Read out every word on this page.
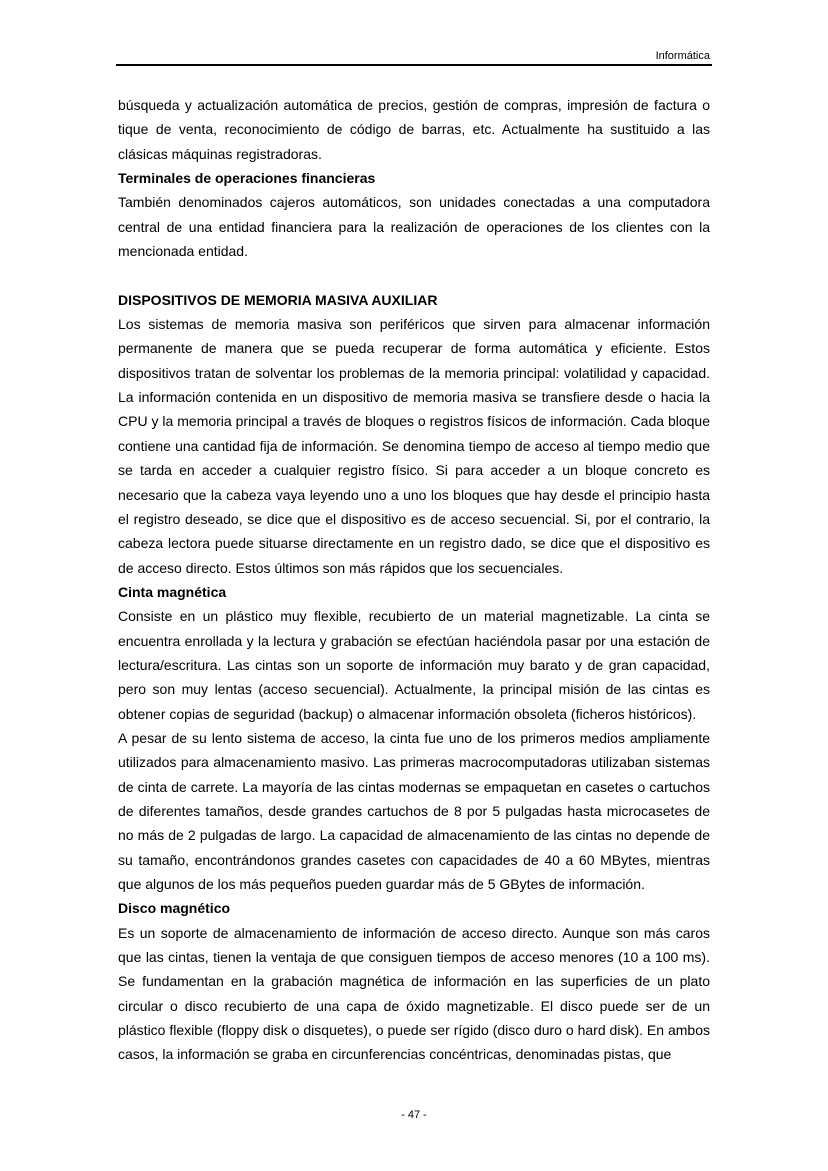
Informática

búsqueda y actualización automática de precios, gestión de compras, impresión de factura o tique de venta, reconocimiento de código de barras, etc. Actualmente ha sustituido a las clásicas máquinas registradoras.

Terminales de operaciones financieras

También denominados cajeros automáticos, son unidades conectadas a una computadora central de una entidad financiera para la realización de operaciones de los clientes con la mencionada entidad.

DISPOSITIVOS DE MEMORIA MASIVA AUXILIAR

Los sistemas de memoria masiva son periféricos que sirven para almacenar información permanente de manera que se pueda recuperar de forma automática y eficiente. Estos dispositivos tratan de solventar los problemas de la memoria principal: volatilidad y capacidad. La información contenida en un dispositivo de memoria masiva se transfiere desde o hacia la CPU y la memoria principal a través de bloques o registros físicos de información. Cada bloque contiene una cantidad fija de información. Se denomina tiempo de acceso al tiempo medio que se tarda en acceder a cualquier registro físico. Si para acceder a un bloque concreto es necesario que la cabeza vaya leyendo uno a uno los bloques que hay desde el principio hasta el registro deseado, se dice que el dispositivo es de acceso secuencial. Si, por el contrario, la cabeza lectora puede situarse directamente en un registro dado, se dice que el dispositivo es de acceso directo. Estos últimos son más rápidos que los secuenciales.

Cinta magnética

Consiste en un plástico muy flexible, recubierto de un material magnetizable. La cinta se encuentra enrollada y la lectura y grabación se efectúan haciéndola pasar por una estación de lectura/escritura. Las cintas son un soporte de información muy barato y de gran capacidad, pero son muy lentas (acceso secuencial). Actualmente, la principal misión de las cintas es obtener copias de seguridad (backup) o almacenar información obsoleta (ficheros históricos).

A pesar de su lento sistema de acceso, la cinta fue uno de los primeros medios ampliamente utilizados para almacenamiento masivo. Las primeras macrocomputadoras utilizaban sistemas de cinta de carrete. La mayoría de las cintas modernas se empaquetan en casetes o cartuchos de diferentes tamaños, desde grandes cartuchos de 8 por 5 pulgadas hasta microcasetes de no más de 2 pulgadas de largo. La capacidad de almacenamiento de las cintas no depende de su tamaño, encontrándonos grandes casetes con capacidades de 40 a 60 MBytes, mientras que algunos de los más pequeños pueden guardar más de 5 GBytes de información.

Disco magnético

Es un soporte de almacenamiento de información de acceso directo. Aunque son más caros que las cintas, tienen la ventaja de que consiguen tiempos de acceso menores (10 a 100 ms). Se fundamentan en la grabación magnética de información en las superficies de un plato circular o disco recubierto de una capa de óxido magnetizable. El disco puede ser de un plástico flexible (floppy disk o disquetes), o puede ser rígido (disco duro o hard disk). En ambos casos, la información se graba en circunferencias concéntricas, denominadas pistas, que

- 47 -
